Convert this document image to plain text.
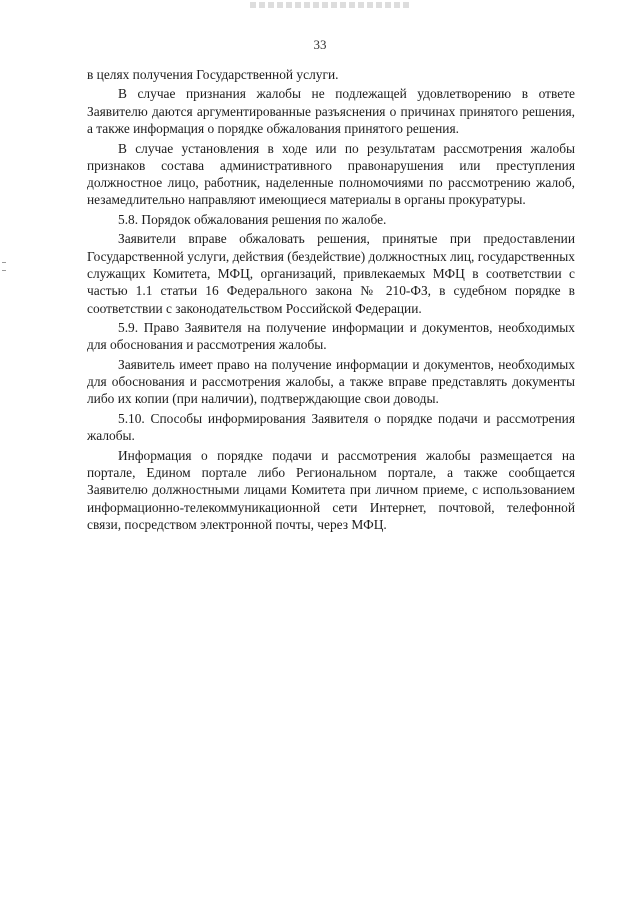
33

в целях получения Государственной услуги.

В случае признания жалобы не подлежащей удовлетворению в ответе Заявителю даются аргументированные разъяснения о причинах принятого решения, а также информация о порядке обжалования принятого решения.

В случае установления в ходе или по результатам рассмотрения жалобы признаков состава административного правонарушения или преступления должностное лицо, работник, наделенные полномочиями по рассмотрению жалоб, незамедлительно направляют имеющиеся материалы в органы прокуратуры.

5.8. Порядок обжалования решения по жалобе.

Заявители вправе обжаловать решения, принятые при предоставлении Государственной услуги, действия (бездействие) должностных лиц, государственных служащих Комитета, МФЦ, организаций, привлекаемых МФЦ в соответствии с частью 1.1 статьи 16 Федерального закона № 210-ФЗ, в судебном порядке в соответствии с законодательством Российской Федерации.

5.9. Право Заявителя на получение информации и документов, необходимых для обоснования и рассмотрения жалобы.

Заявитель имеет право на получение информации и документов, необходимых для обоснования и рассмотрения жалобы, а также вправе представлять документы либо их копии (при наличии), подтверждающие свои доводы.

5.10. Способы информирования Заявителя о порядке подачи и рассмотрения жалобы.

Информация о порядке подачи и рассмотрения жалобы размещается на портале, Едином портале либо Региональном портале, а также сообщается Заявителю должностными лицами Комитета при личном приеме, с использованием информационно-телекоммуникационной сети Интернет, почтовой, телефонной связи, посредством электронной почты, через МФЦ.
